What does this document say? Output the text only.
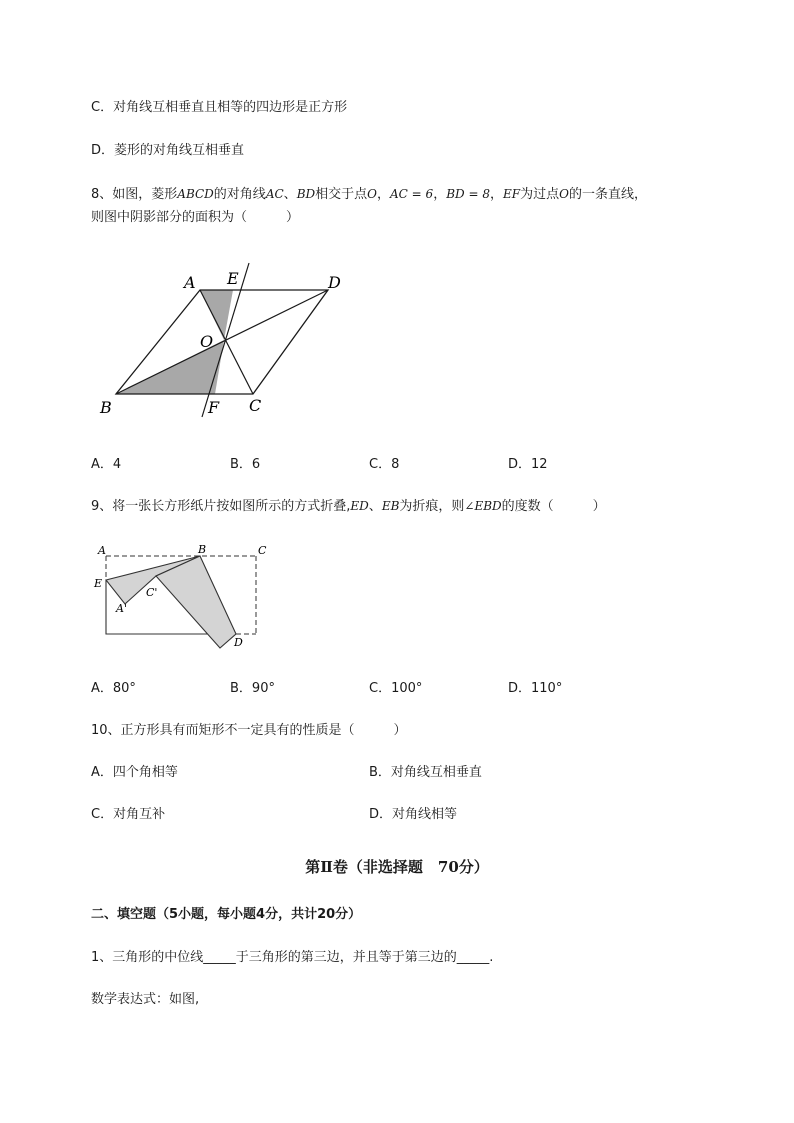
C．对角线互相垂直且相等的四边形是正方形
D．菱形的对角线互相垂直
8、如图，菱形ABCD的对角线AC、BD相交于点O，AC = 6，BD = 8，EF为过点O的一条直线，
则图中阴影部分的面积为（　　　）
A E	D
O
B	F C
A．4	B．6	C．8	D．12
9、将一张长方形纸片按如图所示的方式折叠,ED、EB为折痕，则∠EBD的度数（　　　）
A	B	C
E
A'
C'
D
A．80°	B．90°	C．100°	D．110°
10、正方形具有而矩形不一定具有的性质是（　　　）
A．四个角相等	B．对角线互相垂直
C．对角互补	D．对角线相等
第Ⅱ卷（非选择题　70分）
二、填空题（5小题，每小题4分，共计20分）
1、三角形的中位线_____于三角形的第三边，并且等于第三边的_____.
数学表达式：如图,
